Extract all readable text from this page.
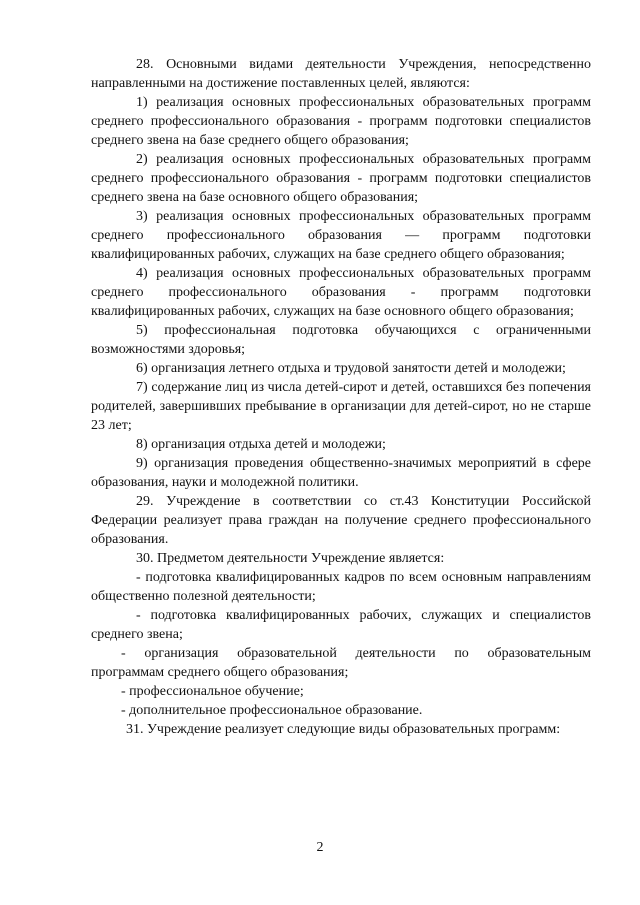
28. Основными видами деятельности Учреждения, непосредственно направленными на достижение поставленных целей, являются:

1) реализация основных профессиональных образовательных программ среднего профессионального образования - программ подготовки специалистов среднего звена на базе среднего общего образования;

2) реализация основных профессиональных образовательных программ среднего профессионального образования - программ подготовки специалистов среднего звена на базе основного общего образования;

3) реализация основных профессиональных образовательных программ среднего профессионального образования — программ подготовки квалифицированных рабочих, служащих на базе среднего общего образования;

4) реализация основных профессиональных образовательных программ среднего профессионального образования - программ подготовки квалифицированных рабочих, служащих на базе основного общего образования;

5) профессиональная подготовка обучающихся с ограниченными возможностями здоровья;

6) организация летнего отдыха и трудовой занятости детей и молодежи;

7) содержание лиц из числа детей-сирот и детей, оставшихся без попечения родителей, завершивших пребывание в организации для детей-сирот, но не старше 23 лет;

8) организация отдыха детей и молодежи;

9) организация проведения общественно-значимых мероприятий в сфере образования, науки и молодежной политики.

29. Учреждение в соответствии со ст.43 Конституции Российской Федерации реализует права граждан на получение среднего профессионального образования.

30. Предметом деятельности Учреждение является:

- подготовка квалифицированных кадров по всем основным направлениям общественно полезной деятельности;

- подготовка квалифицированных рабочих, служащих и специалистов среднего звена;

- организация образовательной деятельности по образовательным программам среднего общего образования;

- профессиональное обучение;

- дополнительное профессиональное образование.

31. Учреждение реализует следующие виды образовательных программ:

2
